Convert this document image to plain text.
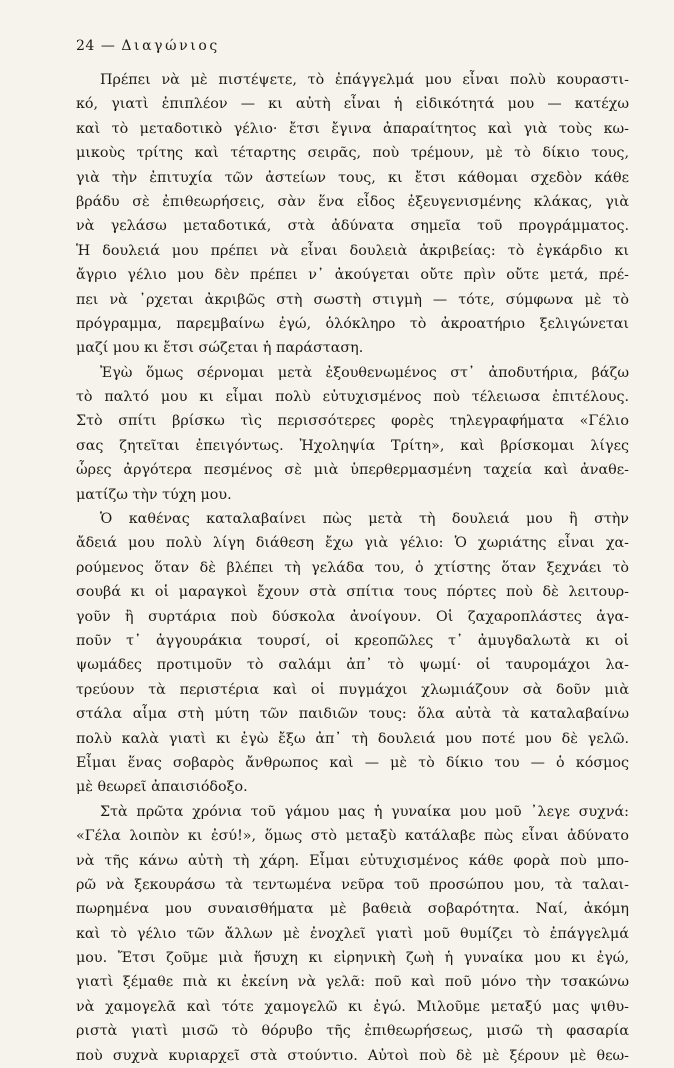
24 — Διαγώνιος
Πρέπει νὰ μὲ πιστέψετε, τὸ ἐπάγγελμά μου εἶναι πολὺ κουραστι-
κό, γιατὶ ἐπιπλέον — κι αὐτὴ εἶναι ἡ εἰδικότητά μου — κατέχω
καὶ τὸ μεταδοτικὸ γέλιο· ἔτσι ἔγινα ἀπαραίτητος καὶ γιὰ τοὺς κω-
μικοὺς τρίτης καὶ τέταρτης σειρᾶς, ποὺ τρέμουν, μὲ τὸ δίκιο τους,
γιὰ τὴν ἐπιτυχία τῶν ἀστείων τους, κι ἔτσι κάθομαι σχεδὸν κάθε
βράδυ σὲ ἐπιθεωρήσεις, σὰν ἕνα εἶδος ἐξευγενισμένης κλάκας, γιὰ
νὰ γελάσω μεταδοτικά, στὰ ἀδύνατα σημεῖα τοῦ προγράμματος.
Ἡ δουλειά μου πρέπει νὰ εἶναι δουλειὰ ἀκριβείας: τὸ ἐγκάρδιο κι
ἄγριο γέλιο μου δὲν πρέπει ν᾿ ἀκούγεται οὔτε πρὶν οὔτε μετά, πρέ-
πει νὰ ᾿ρχεται ἀκριβῶς στὴ σωστὴ στιγμὴ — τότε, σύμφωνα μὲ τὸ
πρόγραμμα, παρεμβαίνω ἐγώ, ὁλόκληρο τὸ ἀκροατήριο ξελιγώνεται
μαζί μου κι ἔτσι σώζεται ἡ παράσταση.
Ἐγὼ ὅμως σέρνομαι μετὰ ἐξουθενωμένος στ᾿ ἀποδυτήρια, βάζω
τὸ παλτό μου κι εἶμαι πολὺ εὐτυχισμένος ποὺ τέλειωσα ἐπιτέλους.
Στὸ σπίτι βρίσκω τὶς περισσότερες φορὲς τηλεγραφήματα «Γέλιο
σας ζητεῖται ἐπειγόντως. Ἠχοληψία Τρίτη», καὶ βρίσκομαι λίγες
ὧρες ἀργότερα πεσμένος σὲ μιὰ ὑπερθερμασμένη ταχεία καὶ ἀναθε-
ματίζω τὴν τύχη μου.
Ὁ καθένας καταλαβαίνει πὼς μετὰ τὴ δουλειά μου ἢ στὴν
ἄδειά μου πολὺ λίγη διάθεση ἔχω γιὰ γέλιο: Ὁ χωριάτης εἶναι χα-
ρούμενος ὅταν δὲ βλέπει τὴ γελάδα του, ὁ χτίστης ὅταν ξεχνάει τὸ
σουβά κι οἱ μαραγκοὶ ἔχουν στὰ σπίτια τους πόρτες ποὺ δὲ λειτουρ-
γοῦν ἢ συρτάρια ποὺ δύσκολα ἀνοίγουν. Οἱ ζαχαροπλάστες ἀγα-
ποῦν τ᾿ ἀγγουράκια τουρσί, οἱ κρεοπῶλες τ᾿ ἀμυγδαλωτὰ κι οἱ
ψωμάδες προτιμοῦν τὸ σαλάμι ἀπ᾿ τὸ ψωμί· οἱ ταυρομάχοι λα-
τρεύουν τὰ περιστέρια καὶ οἱ πυγμάχοι χλωμιάζουν σὰ δοῦν μιὰ
στάλα αἷμα στὴ μύτη τῶν παιδιῶν τους: ὅλα αὐτὰ τὰ καταλαβαίνω
πολὺ καλὰ γιατὶ κι ἐγὼ ἔξω ἀπ᾿ τὴ δουλειά μου ποτέ μου δὲ γελῶ.
Εἶμαι ἕνας σοβαρὸς ἄνθρωπος καὶ — μὲ τὸ δίκιο του — ὁ κόσμος
μὲ θεωρεῖ ἀπαισιόδοξο.
Στὰ πρῶτα χρόνια τοῦ γάμου μας ἡ γυναίκα μου μοῦ ᾿λεγε συχνά:
«Γέλα λοιπὸν κι ἐσύ!», ὅμως στὸ μεταξὺ κατάλαβε πὼς εἶναι ἀδύνατο
νὰ τῆς κάνω αὐτὴ τὴ χάρη. Εἶμαι εὐτυχισμένος κάθε φορὰ ποὺ μπο-
ρῶ νὰ ξεκουράσω τὰ τεντωμένα νεῦρα τοῦ προσώπου μου, τὰ ταλαι-
πωρημένα μου συναισθήματα μὲ βαθειὰ σοβαρότητα. Ναί, ἀκόμη
καὶ τὸ γέλιο τῶν ἄλλων μὲ ἐνοχλεῖ γιατὶ μοῦ θυμίζει τὸ ἐπάγγελμά
μου. Ἔτσι ζοῦμε μιὰ ἥσυχη κι εἰρηνικὴ ζωὴ ἡ γυναίκα μου κι ἐγώ,
γιατὶ ξέμαθε πιὰ κι ἐκείνη νὰ γελᾶ: ποῦ καὶ ποῦ μόνο τὴν τσακώνω
νὰ χαμογελᾶ καὶ τότε χαμογελῶ κι ἐγώ. Μιλοῦμε μεταξύ μας ψιθυ-
ριστὰ γιατὶ μισῶ τὸ θόρυβο τῆς ἐπιθεωρήσεως, μισῶ τὴ φασαρία
ποὺ συχνὰ κυριαρχεῖ στὰ στούντιο. Αὐτοὶ ποὺ δὲ μὲ ξέρουν μὲ θεω-
